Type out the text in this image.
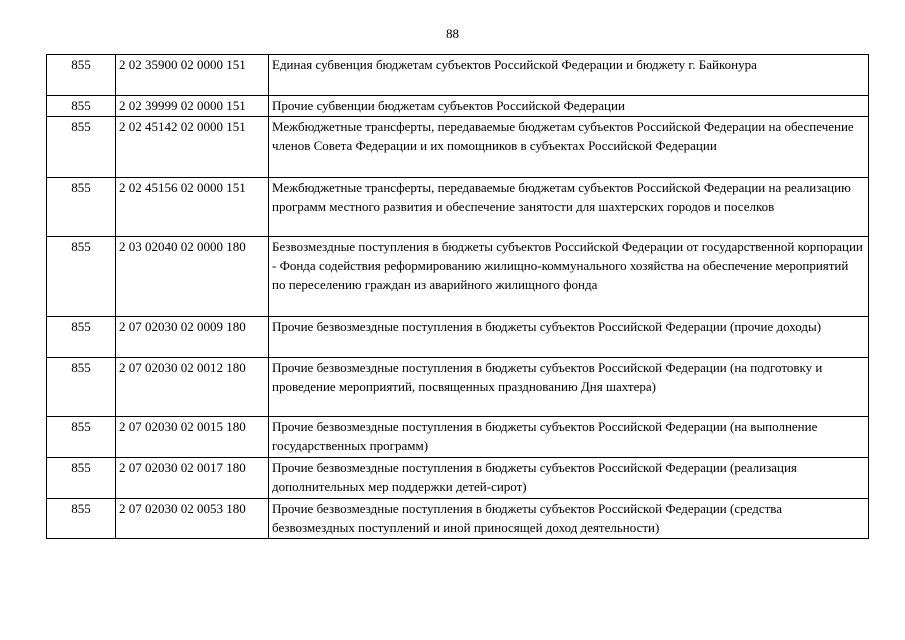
88
855	2 02 35900 02 0000 151	Единая субвенция бюджетам субъектов Российской Федерации и бюджету г. Байконура
855	2 02 39999 02 0000 151	Прочие субвенции бюджетам субъектов Российской Федерации
855	2 02 45142 02 0000 151	Межбюджетные трансферты, передаваемые бюджетам субъектов Российской Федерации на обеспечение членов Совета Федерации и их помощников в субъектах Российской Федерации
855	2 02 45156 02 0000 151	Межбюджетные трансферты, передаваемые бюджетам субъектов Российской Федерации на реализацию программ местного развития и обеспечение занятости для шахтерских городов и поселков
855	2 03 02040 02 0000 180	Безвозмездные поступления в бюджеты субъектов Российской Федерации от государственной корпорации - Фонда содействия реформированию жилищно-коммунального хозяйства на обеспечение мероприятий по переселению граждан из аварийного жилищного фонда
855	2 07 02030 02 0009 180	Прочие безвозмездные поступления в бюджеты субъектов Российской Федерации (прочие доходы)
855	2 07 02030 02 0012 180	Прочие безвозмездные поступления в бюджеты субъектов Российской Федерации (на подготовку и проведение мероприятий, посвященных празднованию Дня шахтера)
855	2 07 02030 02 0015 180	Прочие безвозмездные поступления в бюджеты субъектов Российской Федерации (на выполнение государственных программ)
855	2 07 02030 02 0017 180	Прочие безвозмездные поступления в бюджеты субъектов Российской Федерации (реализация дополнительных мер поддержки детей-сирот)
855	2 07 02030 02 0053 180	Прочие безвозмездные поступления в бюджеты субъектов Российской Федерации (средства безвозмездных поступлений и иной приносящей доход деятельности)
